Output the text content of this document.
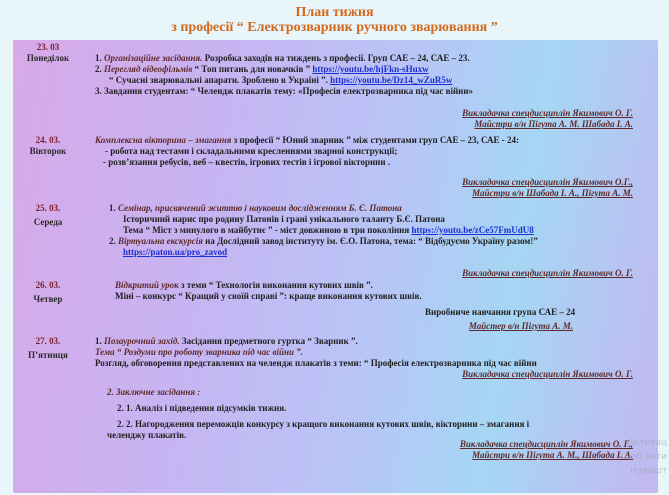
План тижня
з професії “ Електрозварник ручного зварювання ”
23. 03
Понеділок	1. Організаційне засідання. Розробка заходів на тиждень з професії. Груп САЕ – 24, САЕ – 23.
2. Перегляд відеофільмів “ Топ питань для новачків ” https://youtu.be/hjFkn-sHuxw
“ Сучасні зварювальні апарати. Зроблено в Україні ”. https://youtu.be/Dz14_wZuR5w
3. Завдання студентам: “ Челендж плакатів тему: «Професія електрозварника під час війни»
Викладачка спецдисциплін Якимович О. Г.
Майстри в/н Пігута А. М. Шабада І. А.
24. 03.
Вівторок
Комплексна вікторина – змагання з професії “ Юний зварник ” між студентами груп САЕ – 23, САЕ - 24:
- робота над тестами і складальними кресленнями зварної конструкції;
- розв’язання ребусів, веб – квестів, ігрових тестів і ігрової вікторини .
Викладачка спецдисциплін Якимович О.Г.,
Майстри в/н Шабада І. А., Пігута А. М.
25. 03.
Середа
1. Семінар, присвячений життю і науковим дослідженням Б. Є. Патона
Історичний нарис про родину Патонів і грані унікального таланту Б.Є. Патона
Тема “ Міст з минулого в майбутнє ” - міст довжиною в три покоління https://youtu.be/zCe57FmUdU8
2. Віртуальна екскурсія на Дослідний завод інституту ім. Є.О. Патона, тема: “ Відбудуємо Україну разом!”
https://paton.ua/pro_zavod
Викладачка спецдисциплін Якимович О. Г.
26. 03.
Четвер
Відкритий урок з теми “ Технологія виконання кутових швів ”.
Міні – конкурс “ Кращий у своїй справі ”: краще виконання кутових швів.
Виробниче навчання група САЕ – 24
Майстер в/н Пігута А. М.
27. 03.
П’ятниця
1. Позаурочний захід. Засідання предметного гуртка “ Зварник ”.
Тема “ Роздуми про роботу зварника під час війни ”.
Розгляд, обговорення представлених на челендж плакатів з теми: “ Професія електрозварника під час війни
Викладачка спецдисциплін Якимович О. Г.
2. Заключне засідання :
2. 1. Аналіз і підведення підсумків тижня.
2. 2. Нагородження переможців конкурсу з кращого виконання кутових швів, вікторини – змагання і
челенджу плакатів.
Викладачка спецдисциплін Якимович О. Г.,
Майстри в/н Пігута А. М., Шабада І. А.
Активац
Щоб акти
Налашт
